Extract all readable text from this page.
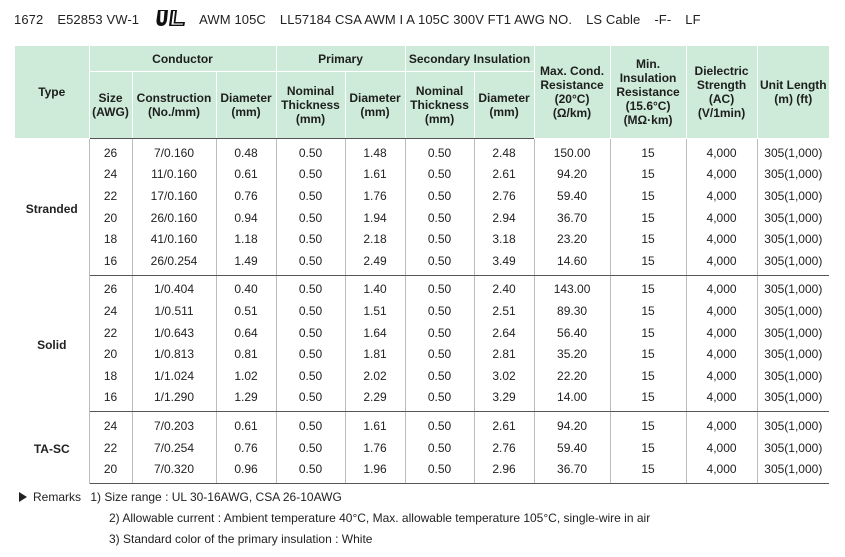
1672 E52853 VW-1	AWM 105C LL57184 CSA AWM I A 105C 300V FT1 AWG NO. LS Cable -F- LF
Type	Conductor			Primary		Secondary Insulation		Max. Cond. Resistance (20°C) (Ω/km)	Min. Insulation Resistance (15.6°C) (MΩ·km)	Dielectric Strength (AC) (V/1min)	Unit Length (m) (ft)
	Size (AWG)	Construction (No./mm)	Diameter (mm)	Nominal Thickness (mm)	Diameter (mm)	Nominal Thickness (mm)	Diameter (mm)				
Stranded	26	7/0.160	0.48	0.50	1.48	0.50	2.48	150.00	15	4,000	305(1,000)
	24	11/0.160	0.61	0.50	1.61	0.50	2.61	94.20	15	4,000	305(1,000)
	22	17/0.160	0.76	0.50	1.76	0.50	2.76	59.40	15	4,000	305(1,000)
	20	26/0.160	0.94	0.50	1.94	0.50	2.94	36.70	15	4,000	305(1,000)
	18	41/0.160	1.18	0.50	2.18	0.50	3.18	23.20	15	4,000	305(1,000)
	16	26/0.254	1.49	0.50	2.49	0.50	3.49	14.60	15	4,000	305(1,000)
Solid	26	1/0.404	0.40	0.50	1.40	0.50	2.40	143.00	15	4,000	305(1,000)
	24	1/0.511	0.51	0.50	1.51	0.50	2.51	89.30	15	4,000	305(1,000)
	22	1/0.643	0.64	0.50	1.64	0.50	2.64	56.40	15	4,000	305(1,000)
	20	1/0.813	0.81	0.50	1.81	0.50	2.81	35.20	15	4,000	305(1,000)
	18	1/1.024	1.02	0.50	2.02	0.50	3.02	22.20	15	4,000	305(1,000)
	16	1/1.290	1.29	0.50	2.29	0.50	3.29	14.00	15	4,000	305(1,000)
TA-SC	24	7/0.203	0.61	0.50	1.61	0.50	2.61	94.20	15	4,000	305(1,000)
	22	7/0.254	0.76	0.50	1.76	0.50	2.76	59.40	15	4,000	305(1,000)
	20	7/0.320	0.96	0.50	1.96	0.50	2.96	36.70	15	4,000	305(1,000)
Remarks 1) Size range : UL 30-16AWG, CSA 26-10AWG
2) Allowable current : Ambient temperature 40°C, Max. allowable temperature 105°C, single-wire in air
3) Standard color of the primary insulation : White
